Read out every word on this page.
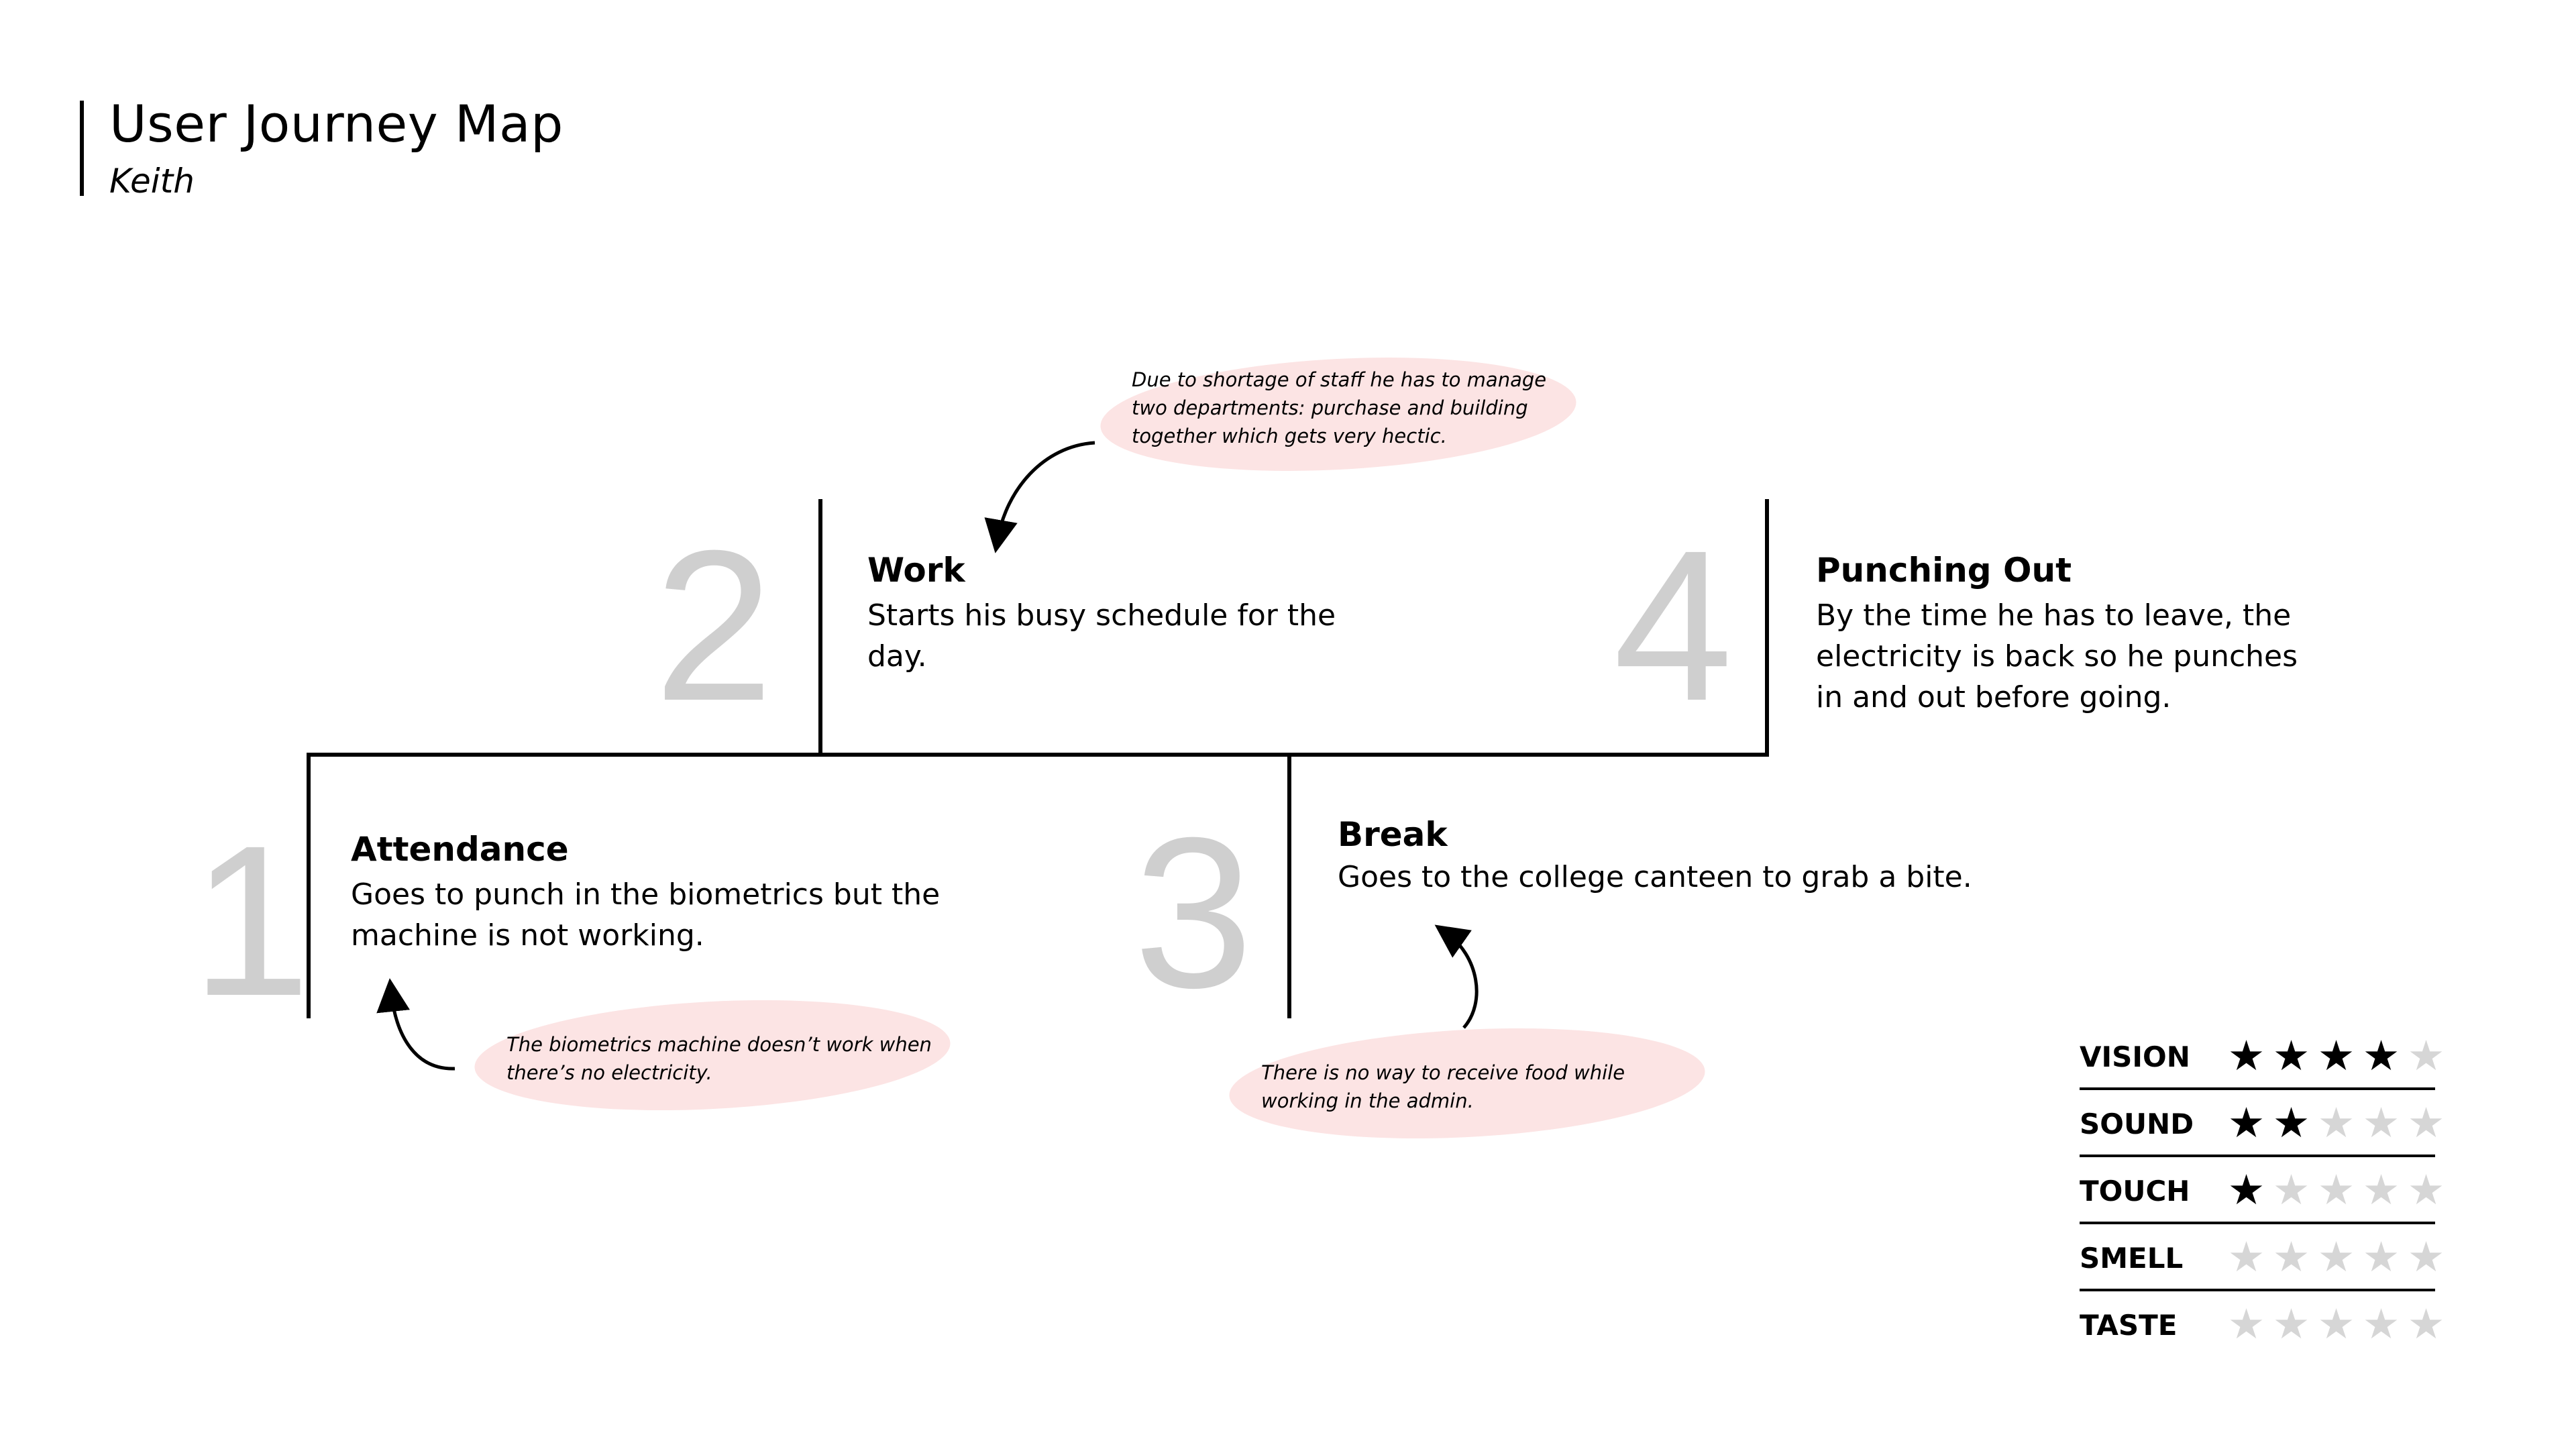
User Journey Map
Keith
1
2
3
4
Attendance
Goes to punch in the biometrics but the machine is not working.
Work
Starts his busy schedule for the day.
Break
Goes to the college canteen to grab a bite.
Punching Out
By the time he has to leave, the electricity is back so he punches in and out before going.
Due to shortage of staff he has to manage two departments: purchase and building together which gets very hectic.
The biometrics machine doesn’t work when there’s no electricity.	There is no way to receive food while working in the admin.
VISION ★ ★ ★ ★ ★
SOUND ★ ★ ★ ★ ★
TOUCH ★ ★ ★ ★ ★
SMELL ★ ★ ★ ★ ★
TASTE ★ ★ ★ ★ ★
